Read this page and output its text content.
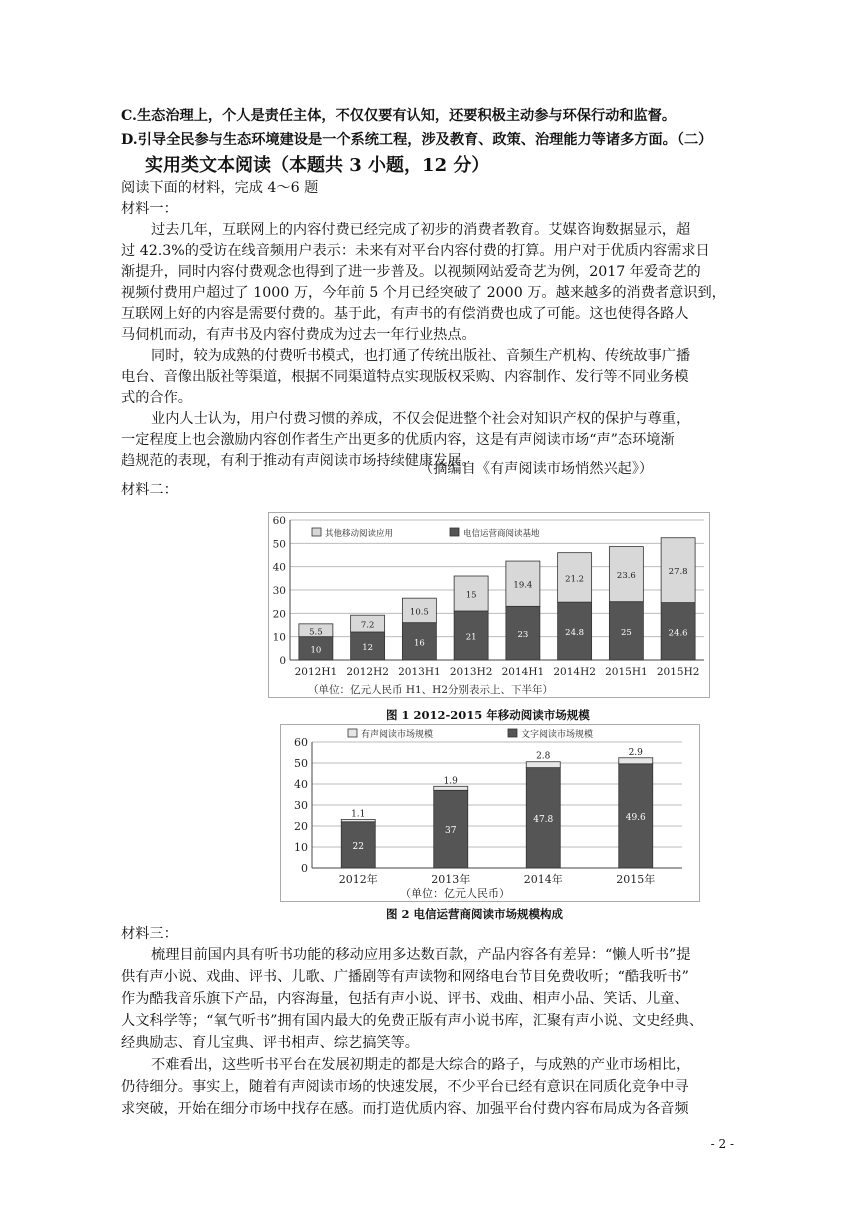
C.生态治理上，个人是责任主体，不仅仅要有认知，还要积极主动参与环保行动和监督。
D.引导全民参与生态环境建设是一个系统工程，涉及教育、政策、治理能力等诸多方面。（二）
实用类文本阅读（本题共 3 小题，12 分）
阅读下面的材料，完成 4～6 题
材料一：
过去几年，互联网上的内容付费已经完成了初步的消费者教育。艾媒咨询数据显示，超
过 42.3%的受访在线音频用户表示：未来有对平台内容付费的打算。用户对于优质内容需求日
渐提升，同时内容付费观念也得到了进一步普及。以视频网站爱奇艺为例，2017 年爱奇艺的
视频付费用户超过了 1000 万，今年前 5 个月已经突破了 2000 万。越来越多的消费者意识到，
互联网上好的内容是需要付费的。基于此，有声书的有偿消费也成了可能。这也使得各路人
马伺机而动，有声书及内容付费成为过去一年行业热点。
同时，较为成熟的付费听书模式，也打通了传统出版社、音频生产机构、传统故事广播
电台、音像出版社等渠道，根据不同渠道特点实现版权采购、内容制作、发行等不同业务模
式的合作。
业内人士认为，用户付费习惯的养成，不仅会促进整个社会对知识产权的保护与尊重，
一定程度上也会激励内容创作者生产出更多的优质内容，这是有声阅读市场“声”态环境渐
趋规范的表现，有利于推动有声阅读市场持续健康发展。
（摘编自《有声阅读市场悄然兴起》）
材料二：
0
10
20
30
40
50
60
10
5.5
2012H1
12
7.2
2012H2
16
10.5
2013H1
21
15
2013H2
23
19.4
2014H1
24.8
21.2
2014H2
25
23.6
2015H1
24.6
27.8
2015H2
其他移动阅读应用	电信运营商阅读基地
（单位：亿元人民币 H1、H2分别表示上、下半年）
图 1 2012-2015 年移动阅读市场规模
0
10
20
30
40
50
60
22
1.1
2012年
37
1.9
2013年
47.8
2.8
2014年
49.6
2.9
2015年
有声阅读市场规模	文字阅读市场规模
（单位：亿元人民币）
图 2 电信运营商阅读市场规模构成
材料三：
梳理目前国内具有听书功能的移动应用多达数百款，产品内容各有差异：“懒人听书”提
供有声小说、戏曲、评书、儿歌、广播剧等有声读物和网络电台节目免费收听；“酷我听书”
作为酷我音乐旗下产品，内容海量，包括有声小说、评书、戏曲、相声小品、笑话、儿童、
人文科学等；“氧气听书”拥有国内最大的免费正版有声小说书库，汇聚有声小说、文史经典、
经典励志、育儿宝典、评书相声、综艺搞笑等。
不难看出，这些听书平台在发展初期走的都是大综合的路子，与成熟的产业市场相比，
仍待细分。事实上，随着有声阅读市场的快速发展，不少平台已经有意识在同质化竞争中寻
求突破，开始在细分市场中找存在感。而打造优质内容、加强平台付费内容布局成为各音频
- 2 -
